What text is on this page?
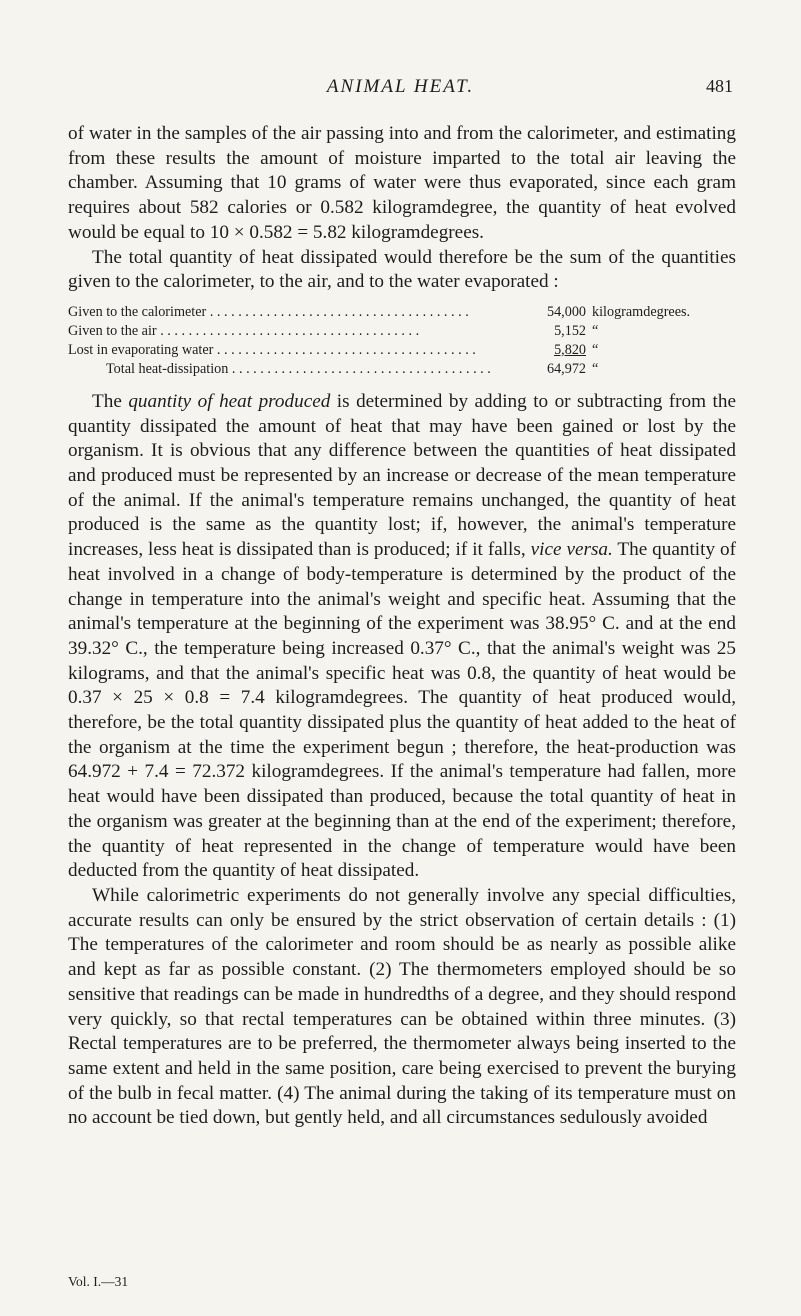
ANIMAL HEAT.	481

of water in the samples of the air passing into and from the calorimeter, and estimating from these results the amount of moisture imparted to the total air leaving the chamber. Assuming that 10 grams of water were thus evaporated, since each gram requires about 582 calories or 0.582 kilogramdegree, the quantity of heat evolved would be equal to 10 × 0.582 = 5.82 kilogramdegrees.

The total quantity of heat dissipated would therefore be the sum of the quantities given to the calorimeter, to the air, and to the water evaporated :

Given to the calorimeter . . .	54,000 kilogramdegrees.
Given to the air . . .	5,152 “
Lost in evaporating water . . .	5,820 “
Total heat-dissipation . . .	64,972 “

The quantity of heat produced is determined by adding to or subtracting from the quantity dissipated the amount of heat that may have been gained or lost by the organism. It is obvious that any difference between the quantities of heat dissipated and produced must be represented by an increase or decrease of the mean temperature of the animal. If the animal's temperature remains unchanged, the quantity of heat produced is the same as the quantity lost; if, however, the animal's temperature increases, less heat is dissipated than is produced; if it falls, vice versa. The quantity of heat involved in a change of body-temperature is determined by the product of the change in temperature into the animal's weight and specific heat. Assuming that the animal's temperature at the beginning of the experiment was 38.95° C. and at the end 39.32° C., the temperature being increased 0.37° C., that the animal's weight was 25 kilograms, and that the animal's specific heat was 0.8, the quantity of heat would be 0.37 × 25 × 0.8 = 7.4 kilogramdegrees. The quantity of heat produced would, therefore, be the total quantity dissipated plus the quantity of heat added to the heat of the organism at the time the experiment begun ; therefore, the heat-production was 64.972 + 7.4 = 72.372 kilogramdegrees. If the animal's temperature had fallen, more heat would have been dissipated than produced, because the total quantity of heat in the organism was greater at the beginning than at the end of the experiment; therefore, the quantity of heat represented in the change of temperature would have been deducted from the quantity of heat dissipated.

While calorimetric experiments do not generally involve any special difficulties, accurate results can only be ensured by the strict observation of certain details : (1) The temperatures of the calorimeter and room should be as nearly as possible alike and kept as far as possible constant. (2) The thermometers employed should be so sensitive that readings can be made in hundredths of a degree, and they should respond very quickly, so that rectal temperatures can be obtained within three minutes. (3) Rectal temperatures are to be preferred, the thermometer always being inserted to the same extent and held in the same position, care being exercised to prevent the burying of the bulb in fecal matter. (4) The animal during the taking of its temperature must on no account be tied down, but gently held, and all circumstances sedulously avoided

Vol. I.—31
